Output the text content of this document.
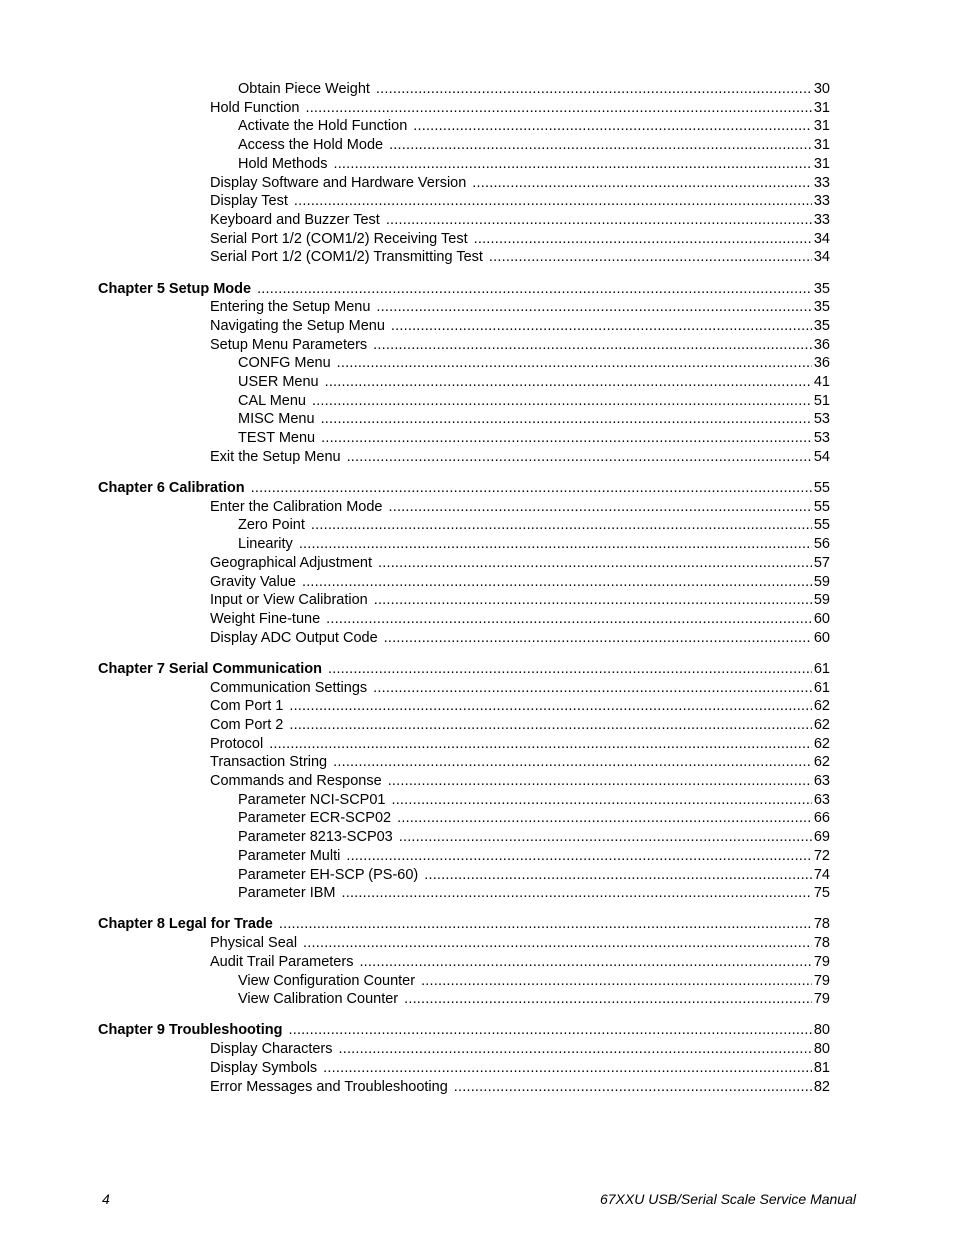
Obtain Piece Weight .....	30
Hold Function .....	31
Activate the Hold Function .....	31
Access the Hold Mode .....	31
Hold Methods .....	31
Display Software and Hardware Version .....	33
Display Test .....	33
Keyboard and Buzzer Test .....	33
Serial Port 1/2 (COM1/2) Receiving Test .....	34
Serial Port 1/2 (COM1/2) Transmitting Test .....	34
Chapter 5 Setup Mode .....	35
Entering the Setup Menu .....	35
Navigating the Setup Menu .....	35
Setup Menu Parameters .....	36
CONFG Menu .....	36
USER Menu .....	41
CAL Menu .....	51
MISC Menu .....	53
TEST Menu .....	53
Exit the Setup Menu .....	54
Chapter 6 Calibration .....	55
Enter the Calibration Mode .....	55
Zero Point .....	55
Linearity .....	56
Geographical Adjustment .....	57
Gravity Value .....	59
Input or View Calibration .....	59
Weight Fine-tune .....	60
Display ADC Output Code .....	60
Chapter 7 Serial Communication .....	61
Communication Settings .....	61
Com Port 1 .....	62
Com Port 2 .....	62
Protocol .....	62
Transaction String .....	62
Commands and Response .....	63
Parameter NCI-SCP01 .....	63
Parameter ECR-SCP02 .....	66
Parameter 8213-SCP03 .....	69
Parameter Multi .....	72
Parameter EH-SCP (PS-60) .....	74
Parameter IBM .....	75
Chapter 8 Legal for Trade .....	78
Physical Seal .....	78
Audit Trail Parameters .....	79
View Configuration Counter .....	79
View Calibration Counter .....	79
Chapter 9 Troubleshooting .....	80
Display Characters .....	80
Display Symbols .....	81
Error Messages and Troubleshooting .....	82
4	67XXU USB/Serial Scale Service Manual
